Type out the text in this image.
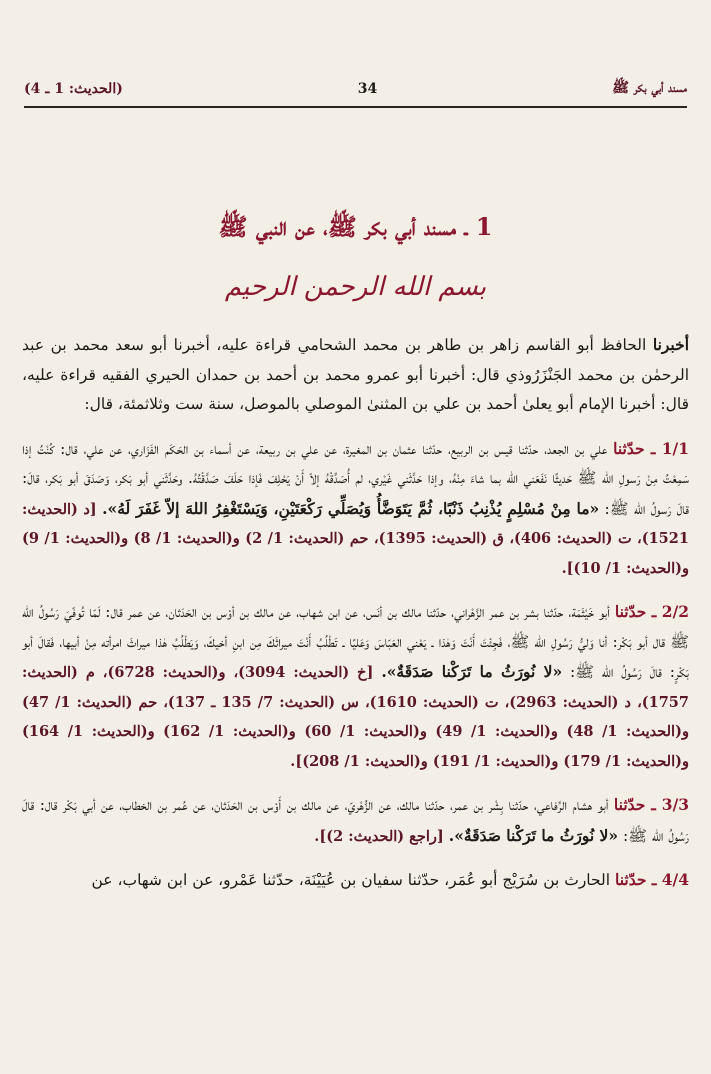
(الحديث: 1 ـ 4)	34	مسند أبي بكر ﷺ
1 ـ مسند أبي بكر ﷺ، عن النبي ﷺ
بسم الله الرحمن الرحيم

أخبرنا الحافظ أبو القاسم زاهر بن طاهر بن محمد الشحامي قراءة عليه، أخبرنا أبو سعد محمد بن عبد الرحمٰن بن محمد الجَنْزَرُوذي قال: أخبرنا أبو عمرو محمد بن أحمد بن حمدان الحيري الفقيه قراءة عليه، قال: أخبرنا الإمام أبو يعلىٰ أحمد بن علي بن المثنىٰ الموصلي بالموصل، سنة ست وثلاثمئة، قال:

1/1 ـ حدّثنا علي بن الجعد، حدّثنا قيس بن الربيع، حدّثنا عثمان بن المغيرة، عن علي بن ربيعة، عن أسماء بن الحَكَم الفَزَاري، عن علي، قال: كُنْتُ إذا سَمِعْتُ مِنْ رَسولِ الله ﷺ حَديثًا نَفَعَني الله بما شاءَ مِنْهُ، وإذا حَدَّثَني غَيْري، لم أُصَدِّقْهُ إلاّ أَنْ يَحْلِفَ فَإذا حَلَفَ صَدَّقْتُهُ. وحَدَّثَني أبو بَكر، وَصَدَقَ أبو بَكر، قالَ: قالَ رَسولُ الله ﷺ: «ما مِنْ مُسْلِمٍ يُذْنِبُ ذَنْبًا، ثُمَّ يَتَوَضَّأُ وَيُصَلِّي رَكْعَتَيْنِ، وَيَسْتَغْفِرُ اللهَ إلاّ غَفَرَ لَهُ». [د (الحديث: 1521)، ت (الحديث: 406)، ق (الحديث: 1395)، حم (الحديث: 1/ 2) و(الحديث: 1/ 8) و(الحديث: 1/ 9) و(الحديث: 1/ 10)].

2/2 ـ حدّثنا أبو خَيْثَمَة، حدّثنا بشر بن عمر الزَّهْراني، حدّثنا مالك بن أنَس، عن ابن شهاب، عن مالك بن أوْس بن الحَدَثان، عن عمر قال: لَمّا تُوفّيَ رَسُولُ الله ﷺ قال أبو بَكْر: أنا وَليُّ رَسُولِ الله ﷺ، فَجِئْتَ أَنْتَ وَهٰذا ـ يَعْني العَبّاسَ وَعَليًا ـ تَطْلُبُ أَنْتَ ميراثَكَ مِن ابنِ أخيكَ، وَيَطْلُبُ هٰذا ميراثَ امرأته مِنْ أبيها، فَقالَ أبو بَكْرٍ: قالَ رَسُولُ الله ﷺ: «لا نُورَثُ ما تَرَكْنا صَدَقَةٌ». [خ (الحديث: 3094)، و(الحديث: 6728)، م (الحديث: 1757)، د (الحديث: 2963)، ت (الحديث: 1610)، س (الحديث: 7/ 135 ـ 137)، حم (الحديث: 1/ 47) و(الحديث: 1/ 48) و(الحديث: 1/ 49) و(الحديث: 1/ 60) و(الحديث: 1/ 162) و(الحديث: 1/ 164) و(الحديث: 1/ 179) و(الحديث: 1/ 191) و(الحديث: 1/ 208)].

3/3 ـ حدّثنا أبو هشام الرِّفاعي، حدّثنا بِشْر بن عمر، حدّثنا مالك، عن الزُّهْريّ، عن مالك بن أَوْس بن الحَدَثان، عن عُمر بن الخطاب، عن أبي بَكْر قال: قالَ رَسُولُ الله ﷺ: «لا نُورَثُ ما تَرَكْنا صَدَقَةٌ». [راجع (الحديث: 2)].

4/4 ـ حدّثنا الحارث بن سُرَيْج أبو عُمَر، حدّثنا سفيان بن عُيَيْنَة، حدّثنا عَمْرو، عن ابن شهاب، عن
